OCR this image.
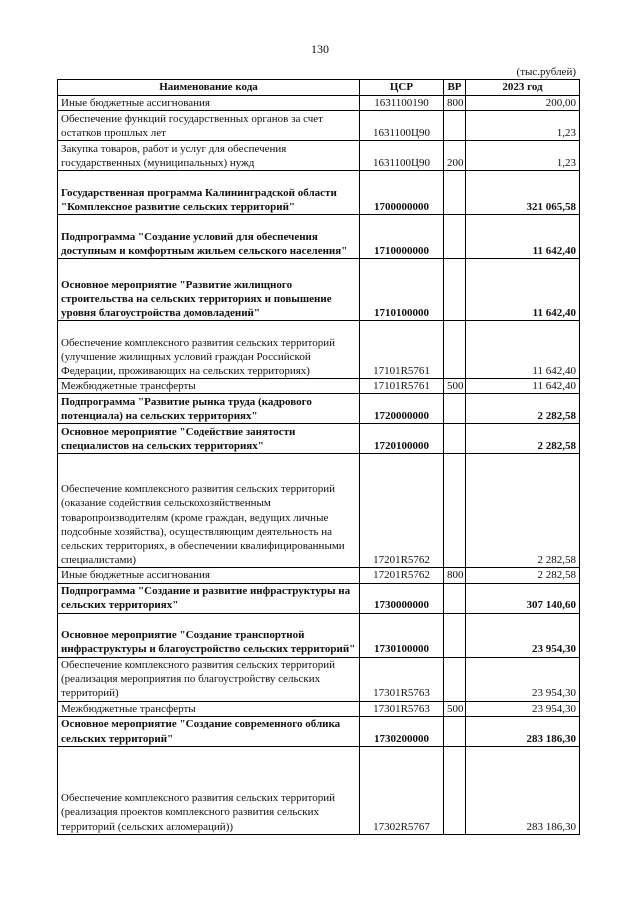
130
(тыс.рублей)
Наименование кода	ЦСР	ВР	2023 год
Иные бюджетные ассигнования	1631100190	800	200,00
Обеспечение функций государственных органов за счет остатков прошлых лет	1631100Ц90		1,23
Закупка товаров, работ и услуг для обеспечения государственных (муниципальных) нужд	1631100Ц90	200	1,23
Государственная программа Калининградской области "Комплексное развитие сельских территорий"	1700000000		321 065,58
Подпрограмма "Создание условий для обеспечения доступным и комфортным жильем сельского населения"	1710000000		11 642,40
Основное мероприятие "Развитие жилищного строительства на сельских территориях и повышение уровня благоустройства домовладений"	1710100000		11 642,40
Обеспечение комплексного развития сельских территорий (улучшение жилищных условий граждан Российской Федерации, проживающих на сельских территориях)	17101R5761		11 642,40
Межбюджетные трансферты	17101R5761	500	11 642,40
Подпрограмма "Развитие рынка труда (кадрового потенциала) на сельских территориях"	1720000000		2 282,58
Основное мероприятие "Содействие занятости специалистов на сельских территориях"	1720100000		2 282,58
Обеспечение комплексного развития сельских территорий (оказание содействия сельскохозяйственным товаропроизводителям (кроме граждан, ведущих личные подсобные хозяйства), осуществляющим деятельность на сельских территориях, в обеспечении квалифицированными специалистами)	17201R5762		2 282,58
Иные бюджетные ассигнования	17201R5762	800	2 282,58
Подпрограмма "Создание и развитие инфраструктуры на сельских территориях"	1730000000		307 140,60
Основное мероприятие "Создание транспортной инфраструктуры и благоустройство сельских территорий"	1730100000		23 954,30
Обеспечение комплексного развития сельских территорий (реализация мероприятия по благоустройству сельских территорий)	17301R5763		23 954,30
Межбюджетные трансферты	17301R5763	500	23 954,30
Основное мероприятие "Создание современного облика сельских территорий"	1730200000		283 186,30
Обеспечение комплексного развития сельских территорий (реализация проектов комплексного развития сельских территорий (сельских агломераций))	17302R5767		283 186,30
